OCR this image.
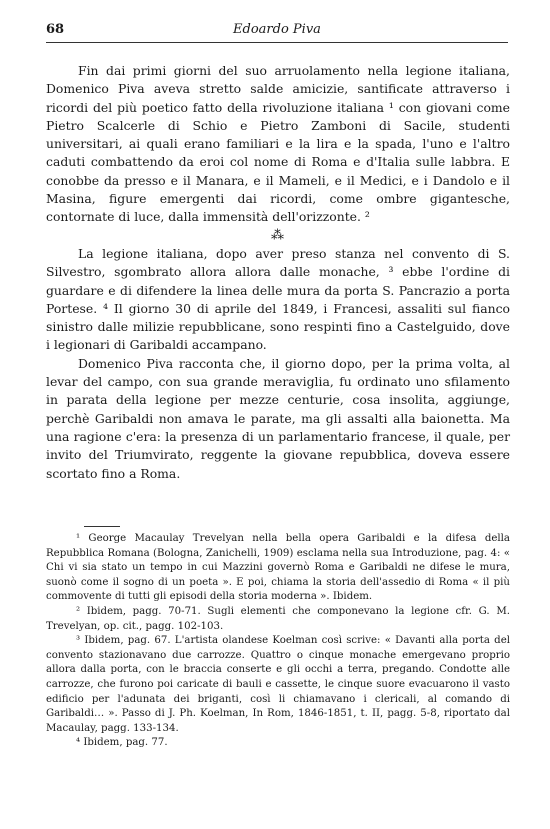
68	Edoardo Piva

Fin dai primi giorni del suo arruolamento nella legione italiana, Domenico Piva aveva stretto salde amicizie, santificate attraverso i ricordi del più poetico fatto della rivoluzione italiana ¹ con giovani come Pietro Scalcerle di Schio e Pietro Zamboni di Sacile, studenti universitari, ai quali erano familiari e la lira e la spada, l'uno e l'altro caduti combattendo da eroi col nome di Roma e d'Italia sulle labbra. E conobbe da presso e il Manara, e il Mameli, e il Medici, e i Dandolo e il Masina, figure emergenti dai ricordi, come ombre gigantesche, contornate di luce, dalla immensità dell'orizzonte. ²

⁂

La legione italiana, dopo aver preso stanza nel convento di S. Silvestro, sgombrato allora allora dalle monache, ³ ebbe l'ordine di guardare e di difendere la linea delle mura da porta S. Pancrazio a porta Portese. ⁴ Il giorno 30 di aprile del 1849, i Francesi, assaliti sul fianco sinistro dalle milizie repubblicane, sono respinti fino a Castelguido, dove i legionari di Garibaldi accampano.

Domenico Piva racconta che, il giorno dopo, per la prima volta, al levar del campo, con sua grande meraviglia, fu ordinato uno sfilamento in parata della legione per mezze centurie, cosa insolita, aggiunge, perchè Garibaldi non amava le parate, ma gli assalti alla baionetta. Ma una ragione c'era: la presenza di un parlamentario francese, il quale, per invito del Triumvirato, reggente la giovane repubblica, doveva essere scortato fino a Roma.

¹ George Macaulay Trevelyan nella bella opera Garibaldi e la difesa della Repubblica Romana (Bologna, Zanichelli, 1909) esclama nella sua Introduzione, pag. 4: « Chi vi sia stato un tempo in cui Mazzini governò Roma e Garibaldi ne difese le mura, suonò come il sogno di un poeta ». E poi, chiama la storia dell'assedio di Roma « il più commovente di tutti gli episodi della storia moderna ». Ibidem.

² Ibidem, pagg. 70-71. Sugli elementi che componevano la legione cfr. G. M. Trevelyan, op. cit., pagg. 102-103.

³ Ibidem, pag. 67. L'artista olandese Koelman così scrive: « Davanti alla porta del convento stazionavano due carrozze. Quattro o cinque monache emergevano proprio allora dalla porta, con le braccia conserte e gli occhi a terra, pregando. Condotte alle carrozze, che furono poi caricate di bauli e cassette, le cinque suore evacuarono il vasto edificio per l'adunata dei briganti, così li chiamavano i clericali, al comando di Garibaldi… ». Passo di J. Ph. Koelman, In Rom, 1846-1851, t. II, pagg. 5-8, riportato dal Macaulay, pagg. 133-134.

⁴ Ibidem, pag. 77.
